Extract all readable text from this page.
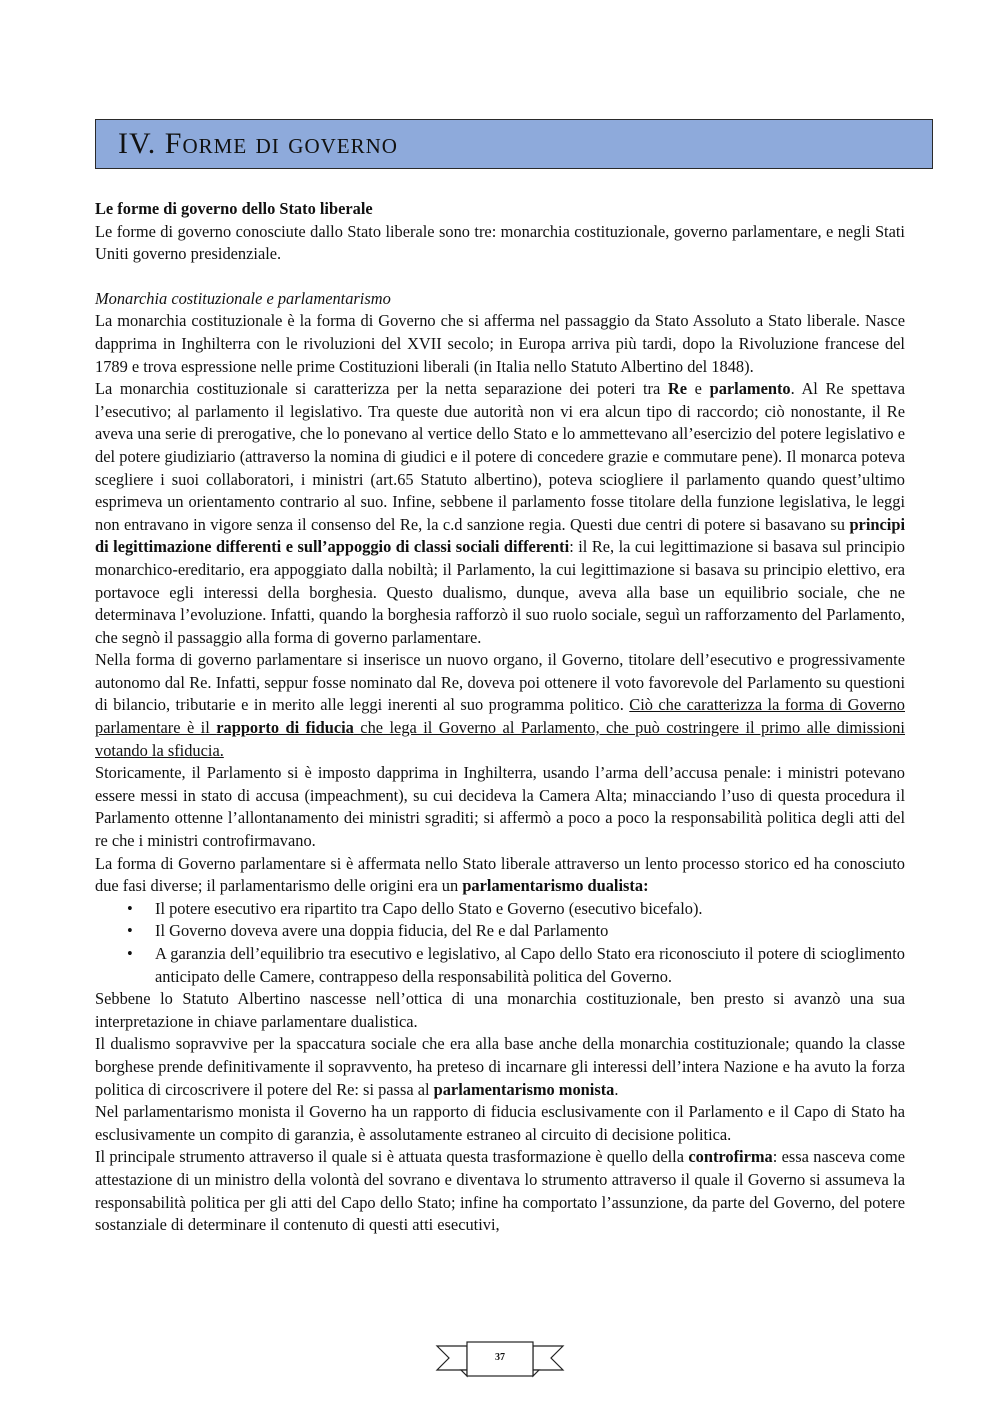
IV. Forme di governo

Le forme di governo dello Stato liberale

Le forme di governo conosciute dallo Stato liberale sono tre: monarchia costituzionale, governo parlamentare, e negli Stati Uniti governo presidenziale.

Monarchia costituzionale e parlamentarismo

La monarchia costituzionale è la forma di Governo che si afferma nel passaggio da Stato Assoluto a Stato liberale. Nasce dapprima in Inghilterra con le rivoluzioni del XVII secolo; in Europa arriva più tardi, dopo la Rivoluzione francese del 1789 e trova espressione nelle prime Costituzioni liberali (in Italia nello Statuto Albertino del 1848).

La monarchia costituzionale si caratterizza per la netta separazione dei poteri tra Re e parlamento. Al Re spettava l’esecutivo; al parlamento il legislativo. Tra queste due autorità non vi era alcun tipo di raccordo; ciò nonostante, il Re aveva una serie di prerogative, che lo ponevano al vertice dello Stato e lo ammettevano all’esercizio del potere legislativo e del potere giudiziario (attraverso la nomina di giudici e il potere di concedere grazie e commutare pene). Il monarca poteva scegliere i suoi collaboratori, i ministri (art.65 Statuto albertino), poteva sciogliere il parlamento quando quest’ultimo esprimeva un orientamento contrario al suo. Infine, sebbene il parlamento fosse titolare della funzione legislativa, le leggi non entravano in vigore senza il consenso del Re, la c.d sanzione regia. Questi due centri di potere si basavano su principi di legittimazione differenti e sull’appoggio di classi sociali differenti: il Re, la cui legittimazione si basava sul principio monarchico-ereditario, era appoggiato dalla nobiltà; il Parlamento, la cui legittimazione si basava su principio elettivo, era portavoce egli interessi della borghesia. Questo dualismo, dunque, aveva alla base un equilibrio sociale, che ne determinava l’evoluzione. Infatti, quando la borghesia rafforzò il suo ruolo sociale, seguì un rafforzamento del Parlamento, che segnò il passaggio alla forma di governo parlamentare.

Nella forma di governo parlamentare si inserisce un nuovo organo, il Governo, titolare dell’esecutivo e progressivamente autonomo dal Re. Infatti, seppur fosse nominato dal Re, doveva poi ottenere il voto favorevole del Parlamento su questioni di bilancio, tributarie e in merito alle leggi inerenti al suo programma politico. Ciò che caratterizza la forma di Governo parlamentare è il rapporto di fiducia che lega il Governo al Parlamento, che può costringere il primo alle dimissioni votando la sfiducia.

Storicamente, il Parlamento si è imposto dapprima in Inghilterra, usando l’arma dell’accusa penale: i ministri potevano essere messi in stato di accusa (impeachment), su cui decideva la Camera Alta; minacciando l’uso di questa procedura il Parlamento ottenne l’allontanamento dei ministri sgraditi; si affermò a poco a poco la responsabilità politica degli atti del re che i ministri controfirmavano.

La forma di Governo parlamentare si è affermata nello Stato liberale attraverso un lento processo storico ed ha conosciuto due fasi diverse; il parlamentarismo delle origini era un parlamentarismo dualista:

• Il potere esecutivo era ripartito tra Capo dello Stato e Governo (esecutivo bicefalo).
• Il Governo doveva avere una doppia fiducia, del Re e dal Parlamento
• A garanzia dell’equilibrio tra esecutivo e legislativo, al Capo dello Stato era riconosciuto il potere di scioglimento anticipato delle Camere, contrappeso della responsabilità politica del Governo.

Sebbene lo Statuto Albertino nascesse nell’ottica di una monarchia costituzionale, ben presto si avanzò una sua interpretazione in chiave parlamentare dualistica.

Il dualismo sopravvive per la spaccatura sociale che era alla base anche della monarchia costituzionale; quando la classe borghese prende definitivamente il sopravvento, ha preteso di incarnare gli interessi dell’intera Nazione e ha avuto la forza politica di circoscrivere il potere del Re: si passa al parlamentarismo monista.

Nel parlamentarismo monista il Governo ha un rapporto di fiducia esclusivamente con il Parlamento e il Capo di Stato ha esclusivamente un compito di garanzia, è assolutamente estraneo al circuito di decisione politica.

Il principale strumento attraverso il quale si è attuata questa trasformazione è quello della controfirma: essa nasceva come attestazione di un ministro della volontà del sovrano e diventava lo strumento attraverso il quale il Governo si assumeva la responsabilità politica per gli atti del Capo dello Stato; infine ha comportato l’assunzione, da parte del Governo, del potere sostanziale di determinare il contenuto di questi atti esecutivi,

37
